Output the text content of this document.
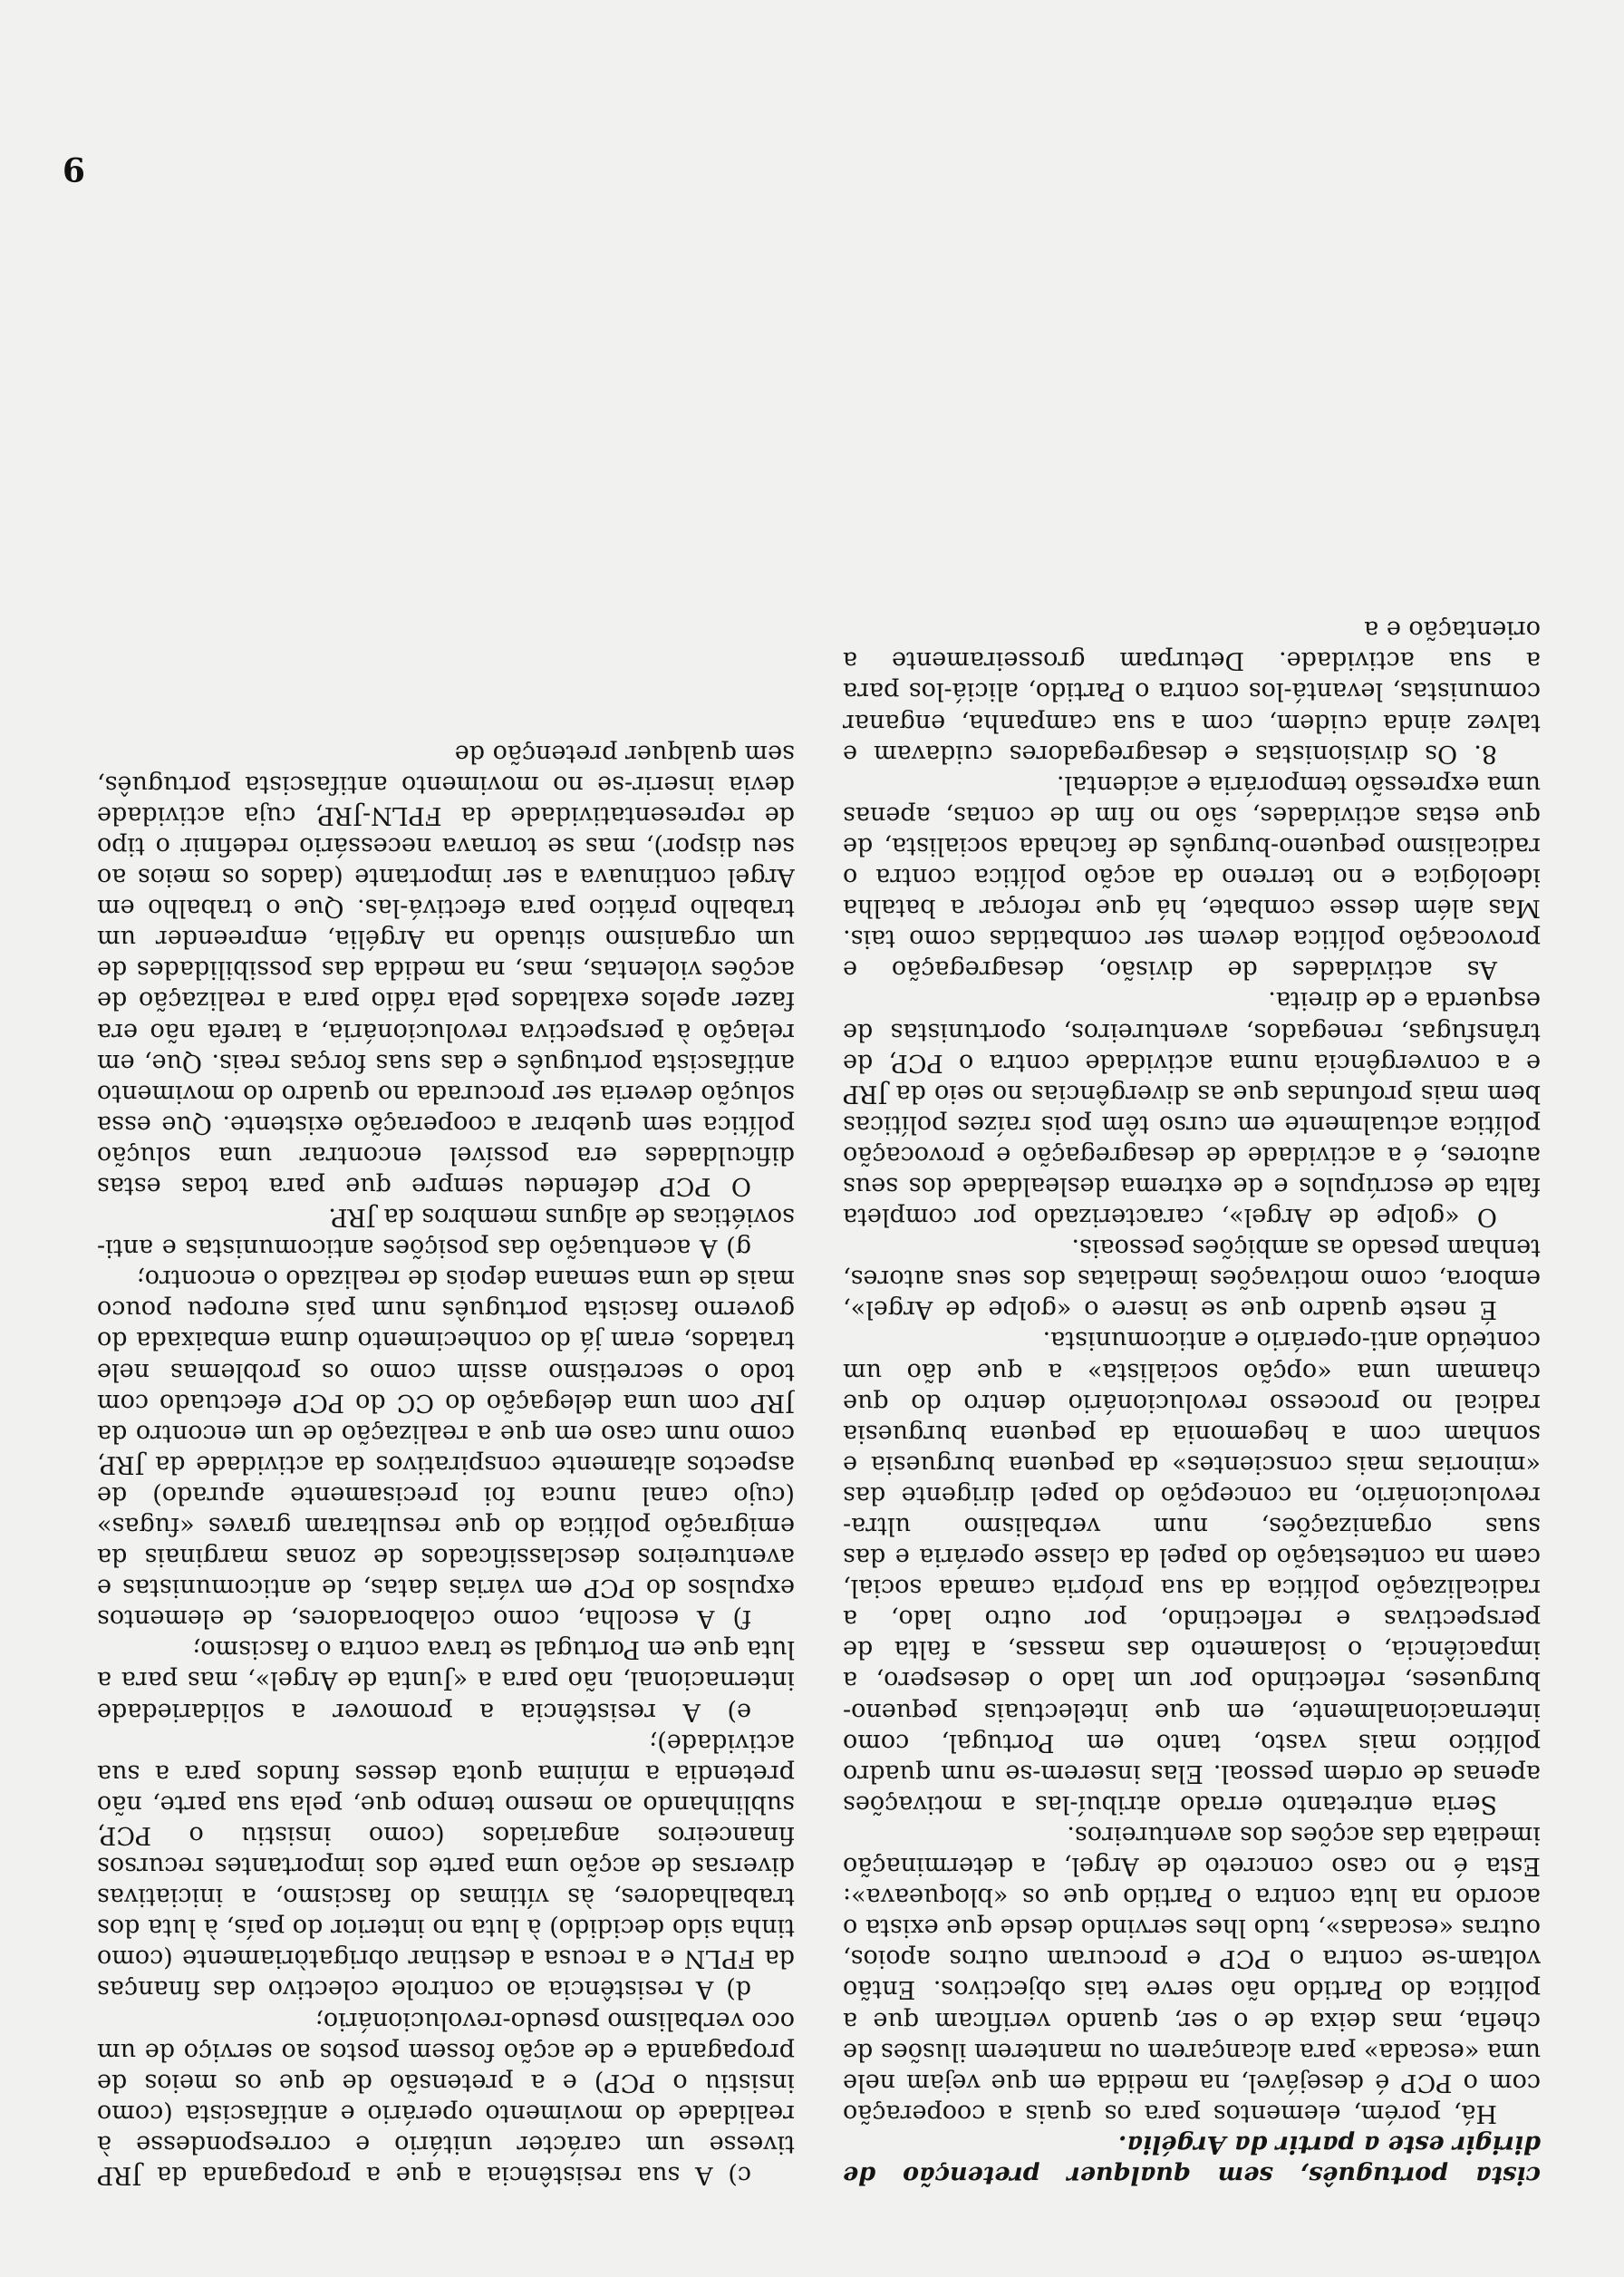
9

cista português, sem qualquer pretenção de dirigir este a partir da Argélia.

Há, porém, elementos para os quais a cooperação com o PCP é desejável, na medida em que vejam nele uma «escada» para alcançarem ou manterem ilusões de chefia, mas deixa de o ser, quando verificam que a política do Partido não serve tais objectivos. Então voltam-se contra o PCP e procuram outros apoios, outras «escadas», tudo lhes servindo desde que exista o acordo na luta contra o Partido que os «bloqueava»: Esta é no caso concreto de Argel, a determinação imediata das acções dos aventureiros.

Seria entretanto errado atribuí-las a motivações apenas de ordem pessoal. Elas inserem-se num quadro político mais vasto, tanto em Portugal, como internacionalmente, em que intelectuais pequeno-burgueses, reflectindo por um lado o desespero, a impaciência, o isolamento das massas, a falta de perspectivas e reflectindo, por outro lado, a radicalização política da sua própria camada social, caem na contestação do papel da classe operária e das suas organizações, num verbalismo ultra-revolucionário, na concepção do papel dirigente das «minorias mais conscientes» da pequena burguesia e sonham com a hegemonia da pequena burguesia radical no processo revolucionário dentro do que chamam uma «opção socialista» a que dão um conteúdo anti-operário e anticomunista.

É neste quadro que se insere o «golpe de Argel», embora, como motivações imediatas dos seus autores, tenham pesado as ambições pessoais.

O «golpe de Argel», caracterizado por completa falta de escrúpulos e de extrema deslealdade dos seus autores, é a actividade de desagregação e provocação política actualmente em curso têm pois raízes políticas bem mais profundas que as divergências no seio da JRP e a convergência numa actividade contra o PCP, de trânsfugas, renegados, aventureiros, oportunistas de esquerda e de direita.

As actividades de divisão, desagregação e provocação política devem ser combatidas como tais. Mas além desse combate, há que reforçar a batalha ideológica e no terreno da acção política contra o radicalismo pequeno-burguês de fachada socialista, de que estas actividades, são no fim de contas, apenas uma expressão temporária e acidental.

8. Os divisionistas e desagregadores cuidavam e talvez ainda cuidem, com a sua campanha, enganar comunistas, levantá-los contra o Partido, aliciá-los para a sua actividade. Deturpam grosseiramente a orientação e a

c) A sua resistência a que a propaganda da JRP tivesse um carácter unitário e correspondesse à realidade do movimento operário e antifascista (como insistiu o PCP) e a pretensão de que os meios de propaganda e de acção fossem postos ao serviço de um oco verbalismo pseudo-revolucionário;

d) A resistência ao controle colectivo das finanças da FPLN e a recusa a destinar obrigatòriamente (como tinha sido decidido) à luta no interior do país, à luta dos trabalhadores, às vítimas do fascismo, a iniciativas diversas de acção uma parte dos importantes recursos financeiros angariados (como insistiu o PCP, sublinhando ao mesmo tempo que, pela sua parte, não pretendia a mínima quota desses fundos para a sua actividade);

e) A resistência a promover a solidariedade internacional, não para a «Junta de Argel», mas para a luta que em Portugal se trava contra o fascismo;

f) A escolha, como colaboradores, de elementos expulsos do PCP em várias datas, de anticomunistas e aventureiros desclassificados de zonas marginais da emigração política do que resultaram graves «fugas» (cujo canal nunca foi precisamente apurado) de aspectos altamente conspirativos da actividade da JRP, como num caso em que a realização de um encontro da JRP com uma delegação do CC do PCP efectuado com todo o secretismo assim como os problemas nele tratados, eram já do conhecimento duma embaixada do governo fascista português num país europeu pouco mais de uma semana depois de realizado o encontro;

g) A acentuação das posições anticomunistas e anti-soviéticas de alguns membros da JRP.

O PCP defendeu sempre que para todas estas dificuldades era possível encontrar uma solução política sem quebrar a cooperação existente. Que essa solução deveria ser procurada no quadro do movimento antifascista português e das suas forças reais. Que, em relação à perspectiva revolucionária, a tarefa não era fazer apelos exaltados pela rádio para a realização de acções violentas, mas, na medida das possibilidades de um organismo situado na Argélia, empreender um trabalho prático para efectivá-las. Que o trabalho em Argel continuava a ser importante (dados os meios ao seu dispor), mas se tornava necessário redefinir o tipo de representatividade da FPLN-JRP, cuja actividade devia inserir-se no movimento antifascista português, sem qualquer pretenção de
